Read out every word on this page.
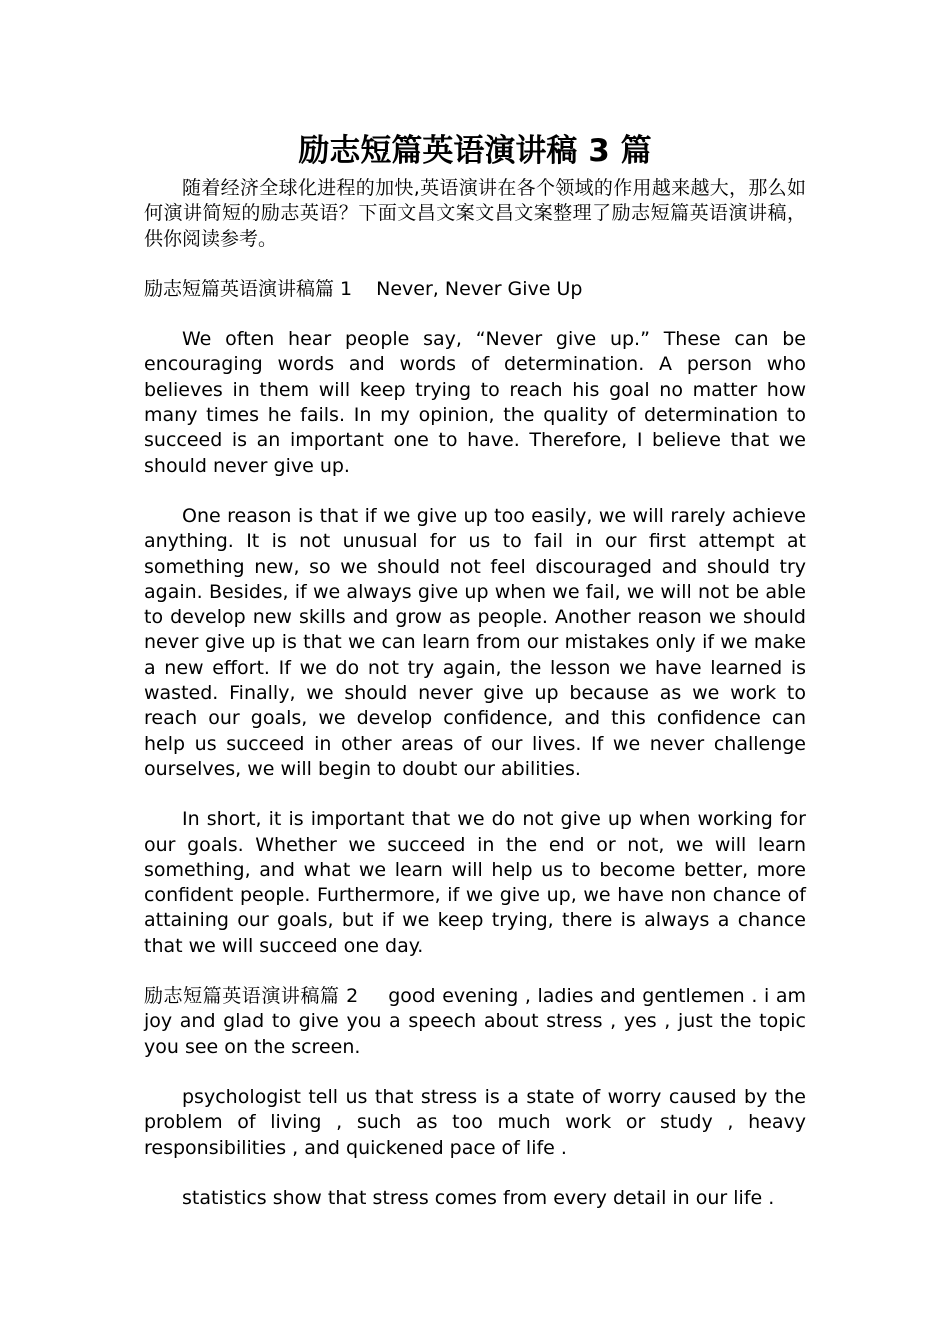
励志短篇英语演讲稿 3 篇

随着经济全球化进程的加快,英语演讲在各个领域的作用越来越大，那么如何演讲简短的励志英语？下面文昌文案文昌文案整理了励志短篇英语演讲稿，供你阅读参考。

励志短篇英语演讲稿篇 1 Never, Never Give Up

We often hear people say, “Never give up.” These can be encouraging words and words of determination. A person who believes in them will keep trying to reach his goal no matter how many times he fails. In my opinion, the quality of determination to succeed is an important one to have. Therefore, I believe that we should never give up.

One reason is that if we give up too easily, we will rarely achieve anything. It is not unusual for us to fail in our first attempt at something new, so we should not feel discouraged and should try again. Besides, if we always give up when we fail, we will not be able to develop new skills and grow as people. Another reason we should never give up is that we can learn from our mistakes only if we make a new effort. If we do not try again, the lesson we have learned is wasted. Finally, we should never give up because as we work to reach our goals, we develop confidence, and this confidence can help us succeed in other areas of our lives. If we never challenge ourselves, we will begin to doubt our abilities.

In short, it is important that we do not give up when working for our goals. Whether we succeed in the end or not, we will learn something, and what we learn will help us to become better, more confident people. Furthermore, if we give up, we have non chance of attaining our goals, but if we keep trying, there is always a chance that we will succeed one day.

励志短篇英语演讲稿篇 2 good evening , ladies and gentlemen . i am joy and glad to give you a speech about stress , yes , just the topic you see on the screen.

psychologist tell us that stress is a state of worry caused by the problem of living , such as too much work or study , heavy responsibilities , and quickened pace of life .

statistics show that stress comes from every detail in our life .
